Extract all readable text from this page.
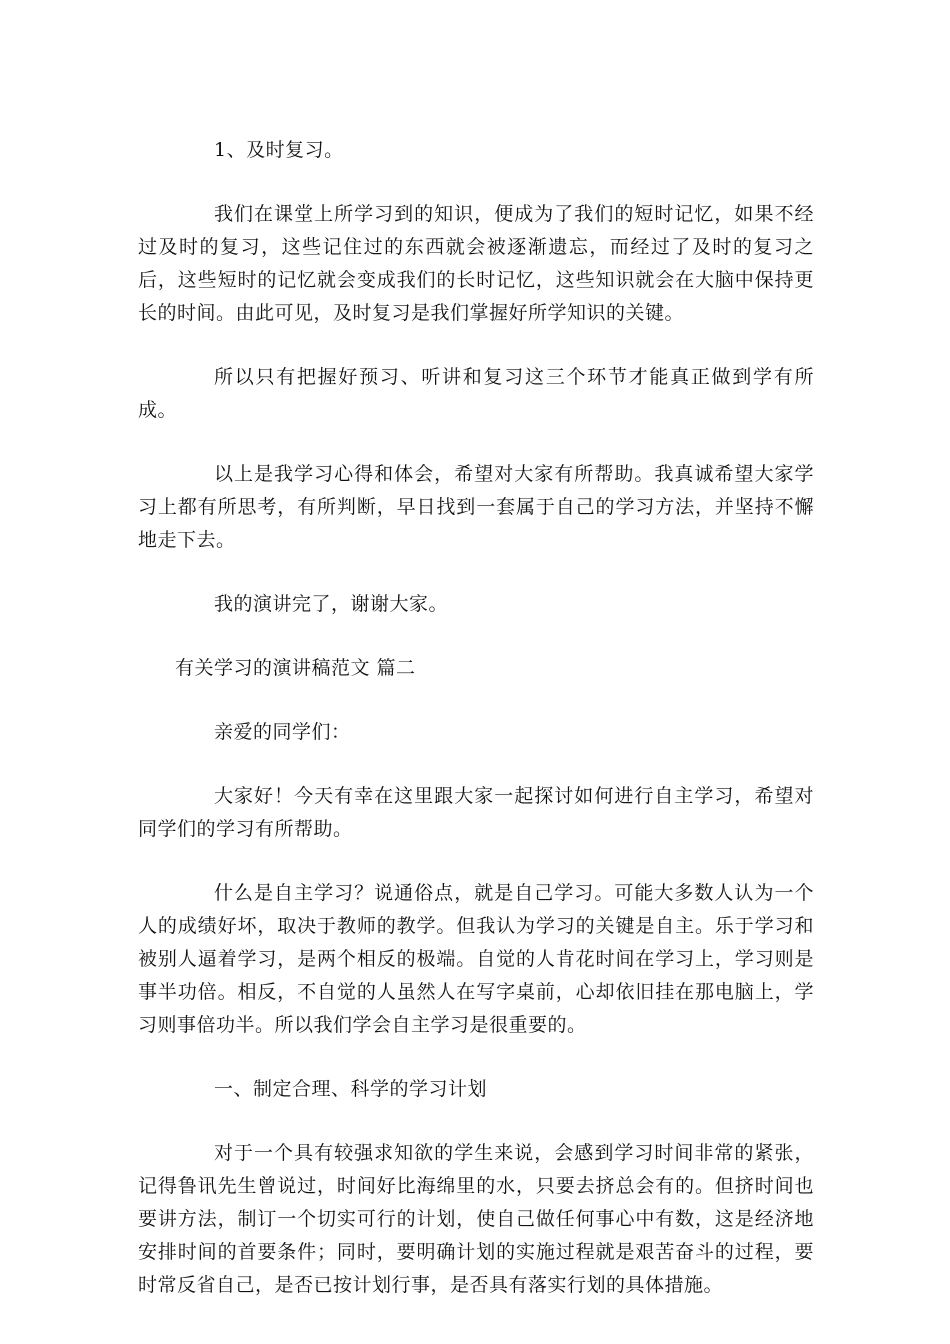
1、及时复习。

我们在课堂上所学习到的知识，便成为了我们的短时记忆，如果不经过及时的复习，这些记住过的东西就会被逐渐遗忘，而经过了及时的复习之后，这些短时的记忆就会变成我们的长时记忆，这些知识就会在大脑中保持更长的时间。由此可见，及时复习是我们掌握好所学知识的关键。

所以只有把握好预习、听讲和复习这三个环节才能真正做到学有所成。

以上是我学习心得和体会，希望对大家有所帮助。我真诚希望大家学习上都有所思考，有所判断，早日找到一套属于自己的学习方法，并坚持不懈地走下去。

我的演讲完了，谢谢大家。

有关学习的演讲稿范文 篇二

亲爱的同学们：

大家好！今天有幸在这里跟大家一起探讨如何进行自主学习，希望对同学们的学习有所帮助。

什么是自主学习？说通俗点，就是自己学习。可能大多数人认为一个人的成绩好坏，取决于教师的教学。但我认为学习的关键是自主。乐于学习和被别人逼着学习，是两个相反的极端。自觉的人肯花时间在学习上，学习则是事半功倍。相反，不自觉的人虽然人在写字桌前，心却依旧挂在那电脑上，学习则事倍功半。所以我们学会自主学习是很重要的。

一、制定合理、科学的学习计划

对于一个具有较强求知欲的学生来说，会感到学习时间非常的紧张，记得鲁讯先生曾说过，时间好比海绵里的水，只要去挤总会有的。但挤时间也要讲方法，制订一个切实可行的计划，使自己做任何事心中有数，这是经济地安排时间的首要条件；同时，要明确计划的实施过程就是艰苦奋斗的过程，要时常反省自己，是否已按计划行事，是否具有落实行划的具体措施。
